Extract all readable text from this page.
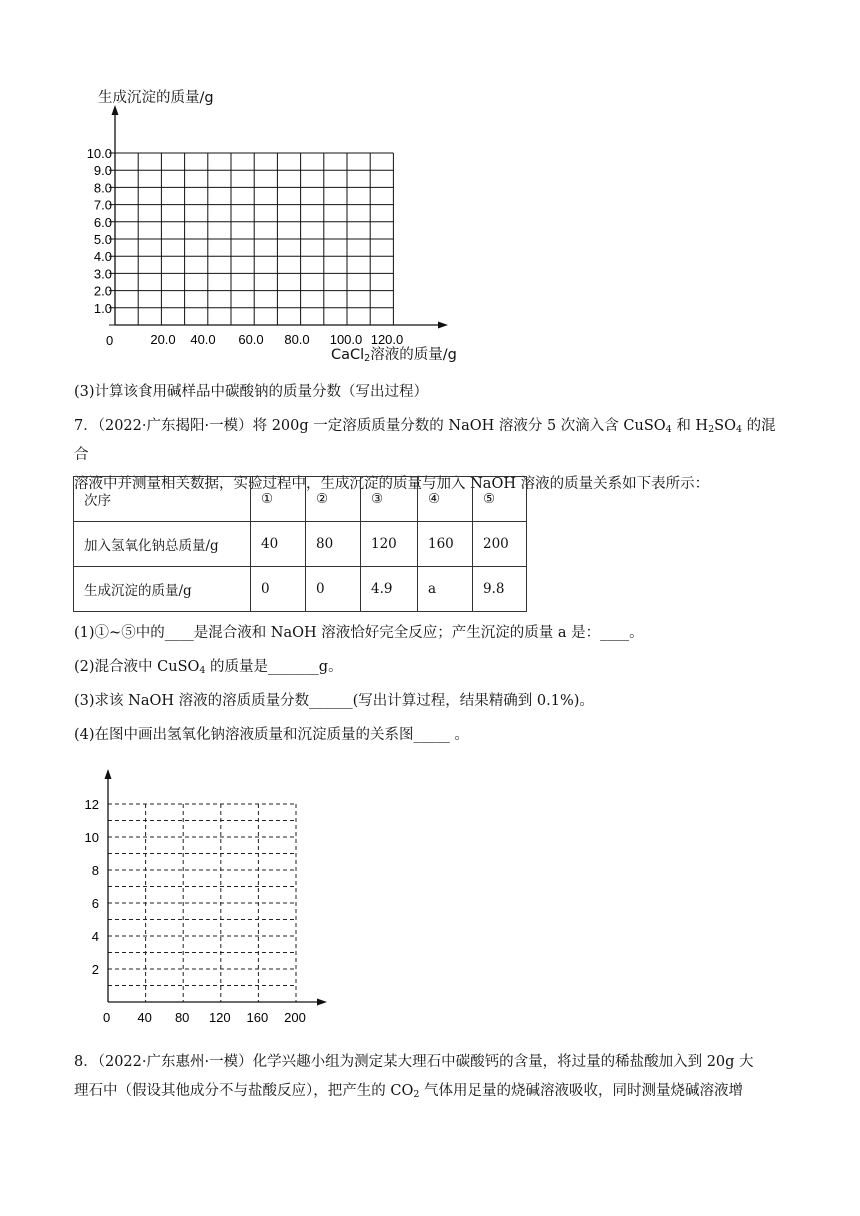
10.0
9.0
8.0
7.0
6.0
5.0
4.0
3.0
2.0
1.0
20.0 40.0 60.0 80.0 100.0 120.0
0
生成沉淀的质量/g
CaCl$_2$溶液的质量/g
(3)计算该食用碱样品中碳酸钠的质量分数（写出过程）
7．（2022·广东揭阳·一模）将 200g 一定溶质质量分数的 NaOH 溶液分 5 次滴入含 CuSO$_4$ 和 $H_2SO_4$ 的混合
溶液中并测量相关数据，实验过程中，生成沉淀的质量与加入 NaOH 溶液的质量关系如下表所示：
次序	①	②	③	④	⑤
加入氢氧化钠总质量/g	40	80	120	160	200
生成沉淀的质量/g	0	0	4.9	a	9.8
(1)①~⑤中的____是混合液和 NaOH 溶液恰好完全反应；产生沉淀的质量 a 是：____。
(2)混合液中 CuSO$_4$ 的质量是_______g。
(3)求该 NaOH 溶液的溶质质量分数______(写出计算过程，结果精确到 0.1%)。
(4)在图中画出氢氧化钠溶液质量和沉淀质量的关系图_____ 。
12
10
8
6
4
2
40 80 120 160 200
0
8．（2022·广东惠州·一模）化学兴趣小组为测定某大理石中碳酸钙的含量，将过量的稀盐酸加入到 20g 大
理石中（假设其他成分不与盐酸反应），把产生的 $CO_2$ 气体用足量的烧碱溶液吸收，同时测量烧碱溶液增
